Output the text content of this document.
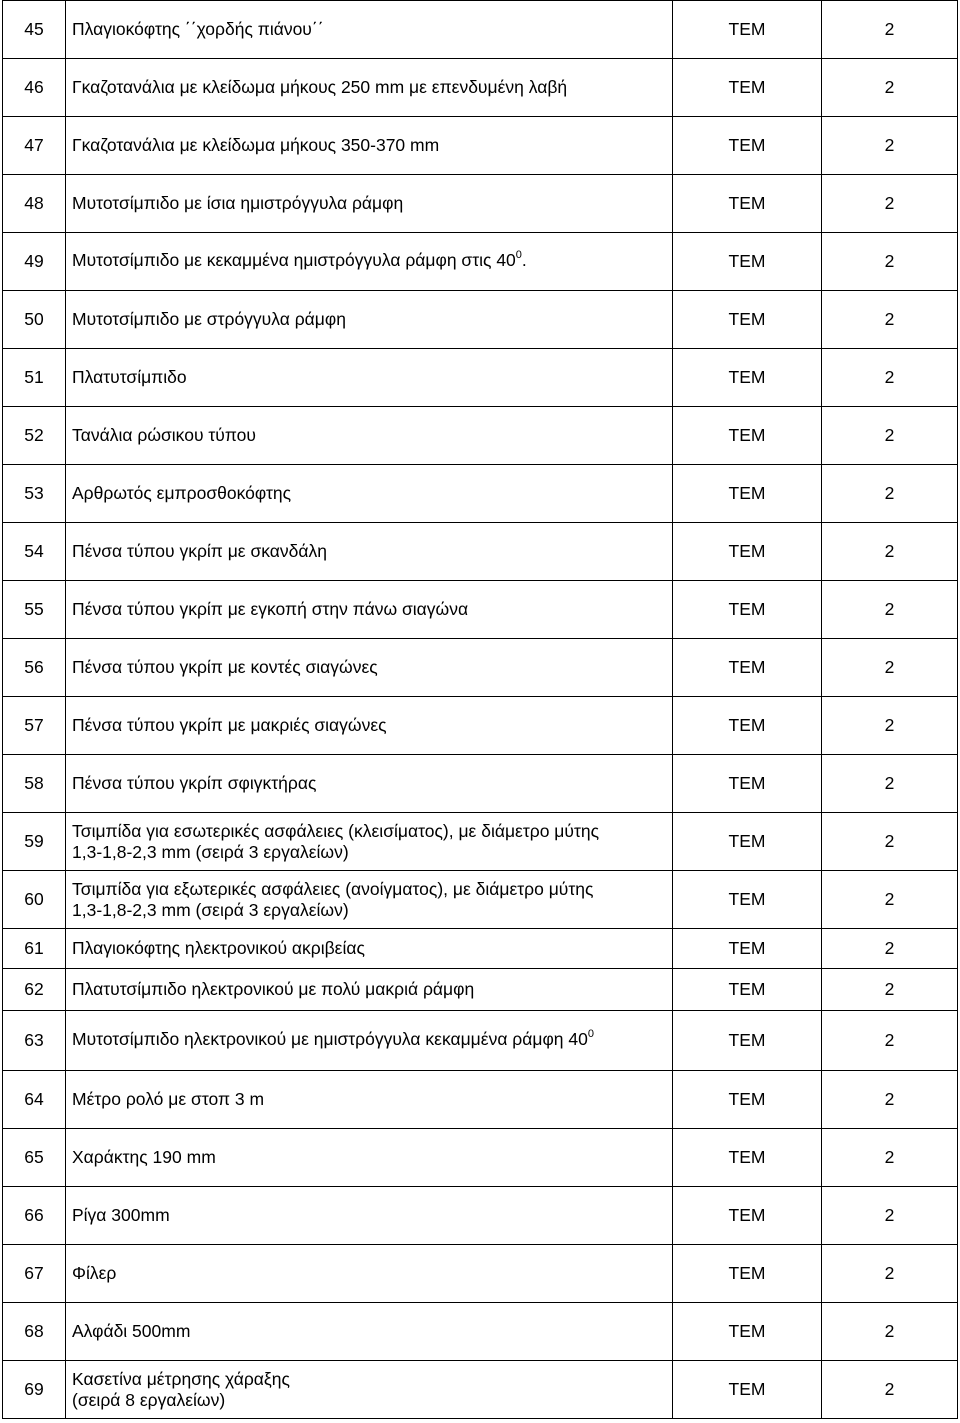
45	Πλαγιοκόφτης ΄΄χορδής πιάνου΄΄	ΤΕΜ	2
46	Γκαζοτανάλια με κλείδωμα μήκους 250 mm με επενδυμένη λαβή	ΤΕΜ	2
47	Γκαζοτανάλια με κλείδωμα μήκους 350-370 mm	ΤΕΜ	2
48	Μυτοτσίμπιδο με ίσια ημιστρόγγυλα ράμφη	ΤΕΜ	2
49	Μυτοτσίμπιδο με κεκαμμένα ημιστρόγγυλα ράμφη στις $40^0$.	ΤΕΜ	2
50	Μυτοτσίμπιδο με στρόγγυλα ράμφη	ΤΕΜ	2
51	Πλατυτσίμπιδο	ΤΕΜ	2
52	Τανάλια ρώσικου τύπου	ΤΕΜ	2
53	Αρθρωτός εμπροσθοκόφτης	ΤΕΜ	2
54	Πένσα τύπου γκρίπ με σκανδάλη	ΤΕΜ	2
55	Πένσα τύπου γκρίπ με εγκοπή στην πάνω σιαγώνα	ΤΕΜ	2
56	Πένσα τύπου γκρίπ με κοντές σιαγώνες	ΤΕΜ	2
57	Πένσα τύπου γκρίπ με μακριές σιαγώνες	ΤΕΜ	2
58	Πένσα τύπου γκρίπ σφιγκτήρας	ΤΕΜ	2
59	Τσιμπίδα για εσωτερικές ασφάλειες (κλεισίματος), με διάμετρο μύτης
1,3-1,8-2,3 mm (σειρά 3 εργαλείων)	ΤΕΜ	2
60	Τσιμπίδα για εξωτερικές ασφάλειες (ανοίγματος), με διάμετρο μύτης
1,3-1,8-2,3 mm (σειρά 3 εργαλείων)	ΤΕΜ	2
61	Πλαγιοκόφτης ηλεκτρονικού ακριβείας	ΤΕΜ	2
62	Πλατυτσίμπιδο ηλεκτρονικού με πολύ μακριά ράμφη	ΤΕΜ	2
63	Μυτοτσίμπιδο ηλεκτρονικού με ημιστρόγγυλα κεκαμμένα ράμφη $40^0$	ΤΕΜ	2
64	Μέτρο ρολό με στοπ 3 m	ΤΕΜ	2
65	Χαράκτης 190 mm	ΤΕΜ	2
66	Ρίγα 300mm	ΤΕΜ	2
67	Φίλερ	ΤΕΜ	2
68	Αλφάδι 500mm	ΤΕΜ	2
69	Κασετίνα μέτρησης χάραξης
(σειρά 8 εργαλείων)	ΤΕΜ	2
